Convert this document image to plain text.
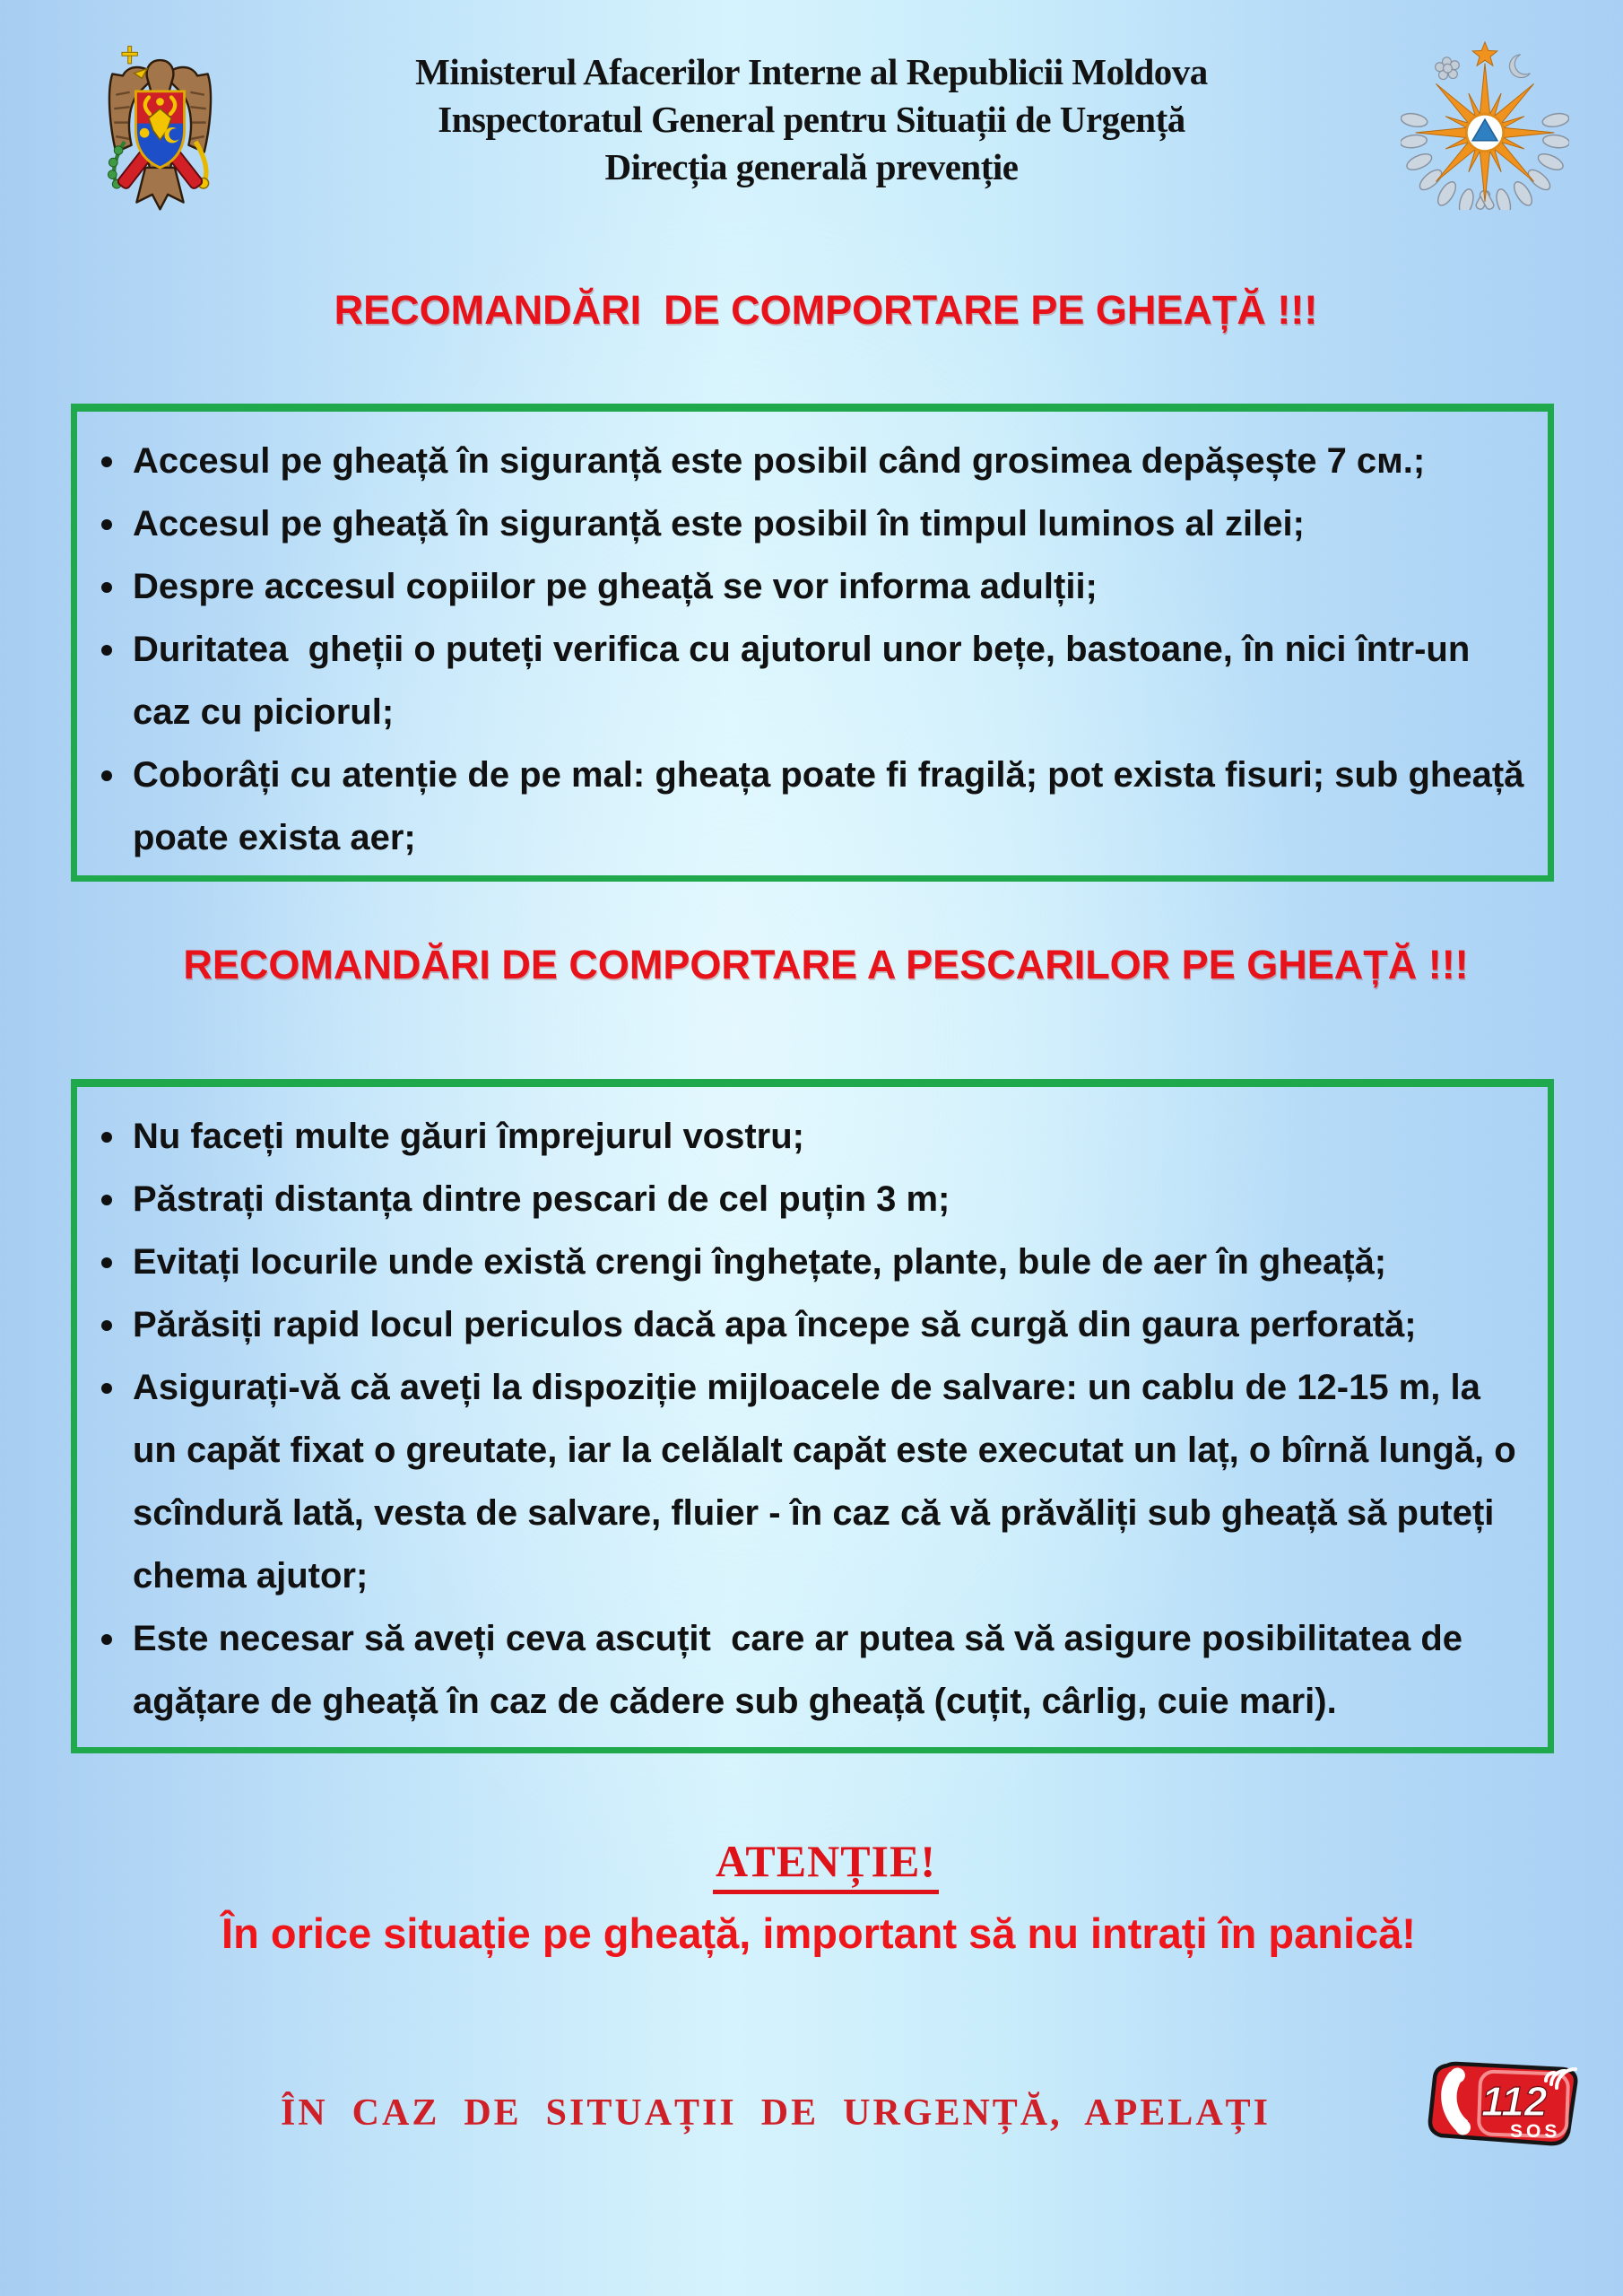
Ministerul Afacerilor Interne al Republicii Moldova
Inspectoratul General pentru Situații de Urgență
Direcția generală prevenție
RECOMANDĂRI  DE COMPORTARE PE GHEAȚĂ !!!
Accesul pe gheață în siguranță este posibil când grosimea depășește 7 см.;
Accesul pe gheață în siguranță este posibil în timpul luminos al zilei;
Despre accesul copiilor pe gheață se vor informa adulții;
Duritatea  gheții o puteți verifica cu ajutorul unor bețe, bastoane, în nici într-un caz cu piciorul;
Coborâți cu atenție de pe mal: gheața poate fi fragilă; pot exista fisuri; sub gheață poate exista aer;
RECOMANDĂRI DE COMPORTARE A PESCARILOR PE GHEAȚĂ !!!
Nu faceți multe găuri împrejurul vostru;
Păstrați distanța dintre pescari de cel puțin 3 m;
Evitați locurile unde există crengi înghețate, plante, bule de aer în gheață;
Părăsiți rapid locul periculos dacă apa începe să curgă din gaura perforată;
Asigurați-vă că aveți la dispoziție mijloacele de salvare: un cablu de 12-15 m, la un capăt fixat o greutate, iar la celălalt capăt este executat un laț, o bîrnă lungă, o scîndură lată, vesta de salvare, fluier - în caz că vă prăvăliți sub gheață să puteți chema ajutor;
Este necesar să aveți ceva ascuțit  care ar putea să vă asigure posibilitatea de agățare de gheață în caz de cădere sub gheață (cuțit, cârlig, cuie mari).
ATENȚIE!
În orice situație pe gheață, important să nu intrați în panică!
ÎN  CAZ  DE  SITUAȚII  DE  URGENȚĂ,  APELAȚI	112
SOS
